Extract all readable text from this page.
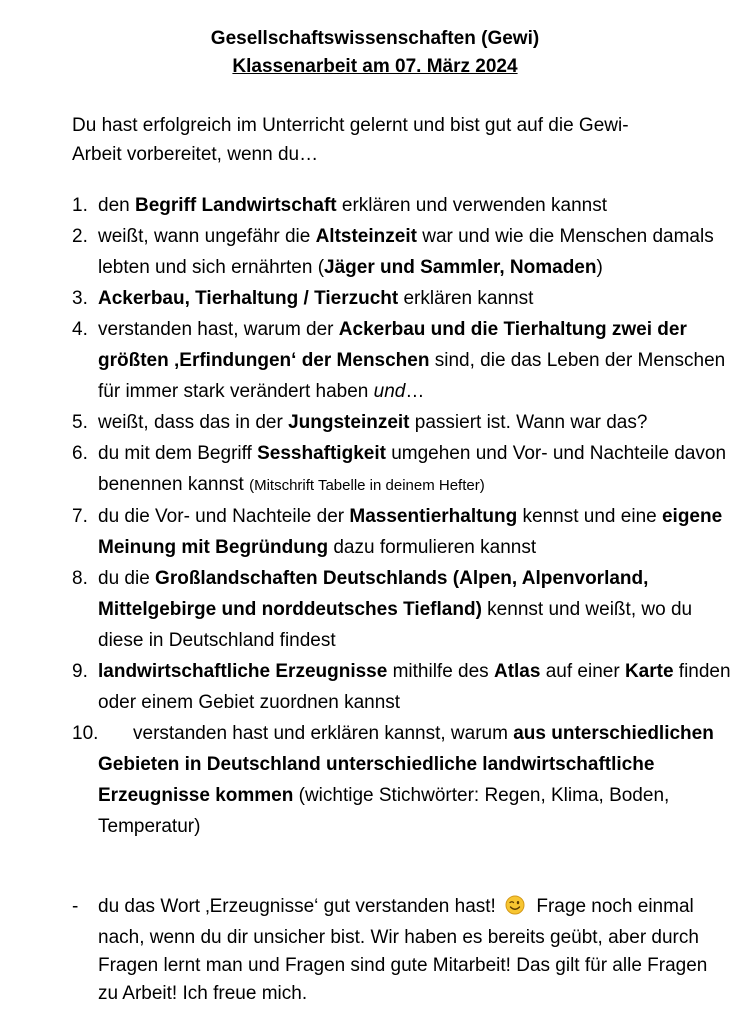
Gesellschaftswissenschaften (Gewi)
Klassenarbeit am 07. März 2024
Du hast erfolgreich im Unterricht gelernt und bist gut auf die Gewi-
Arbeit vorbereitet, wenn du…
1. den Begriff Landwirtschaft erklären und verwenden kannst
2. weißt, wann ungefähr die Altsteinzeit war und wie die Menschen damals lebten und sich ernährten (Jäger und Sammler, Nomaden)
3. Ackerbau, Tierhaltung / Tierzucht erklären kannst
4. verstanden hast, warum der Ackerbau und die Tierhaltung zwei der größten ‚Erfindungen‘ der Menschen sind, die das Leben der Menschen für immer stark verändert haben und…
5. weißt, dass das in der Jungsteinzeit passiert ist. Wann war das?
6. du mit dem Begriff Sesshaftigkeit umgehen und Vor- und Nachteile davon benennen kannst (Mitschrift Tabelle in deinem Hefter)
7. du die Vor- und Nachteile der Massentierhaltung kennst und eine eigene Meinung mit Begründung dazu formulieren kannst
8. du die Großlandschaften Deutschlands (Alpen, Alpenvorland, Mittelgebirge und norddeutsches Tiefland) kennst und weißt, wo du diese in Deutschland findest
9. landwirtschaftliche Erzeugnisse mithilfe des Atlas auf einer Karte finden oder einem Gebiet zuordnen kannst
10. verstanden hast und erklären kannst, warum aus unterschiedlichen Gebieten in Deutschland unterschiedliche landwirtschaftliche Erzeugnisse kommen (wichtige Stichwörter: Regen, Klima, Boden, Temperatur)
-	du das Wort ‚Erzeugnisse‘ gut verstanden hast! Frage noch einmal nach, wenn du dir unsicher bist. Wir haben es bereits geübt, aber durch Fragen lernt man und Fragen sind gute Mitarbeit! Das gilt für alle Fragen zu Arbeit! Ich freue mich.
